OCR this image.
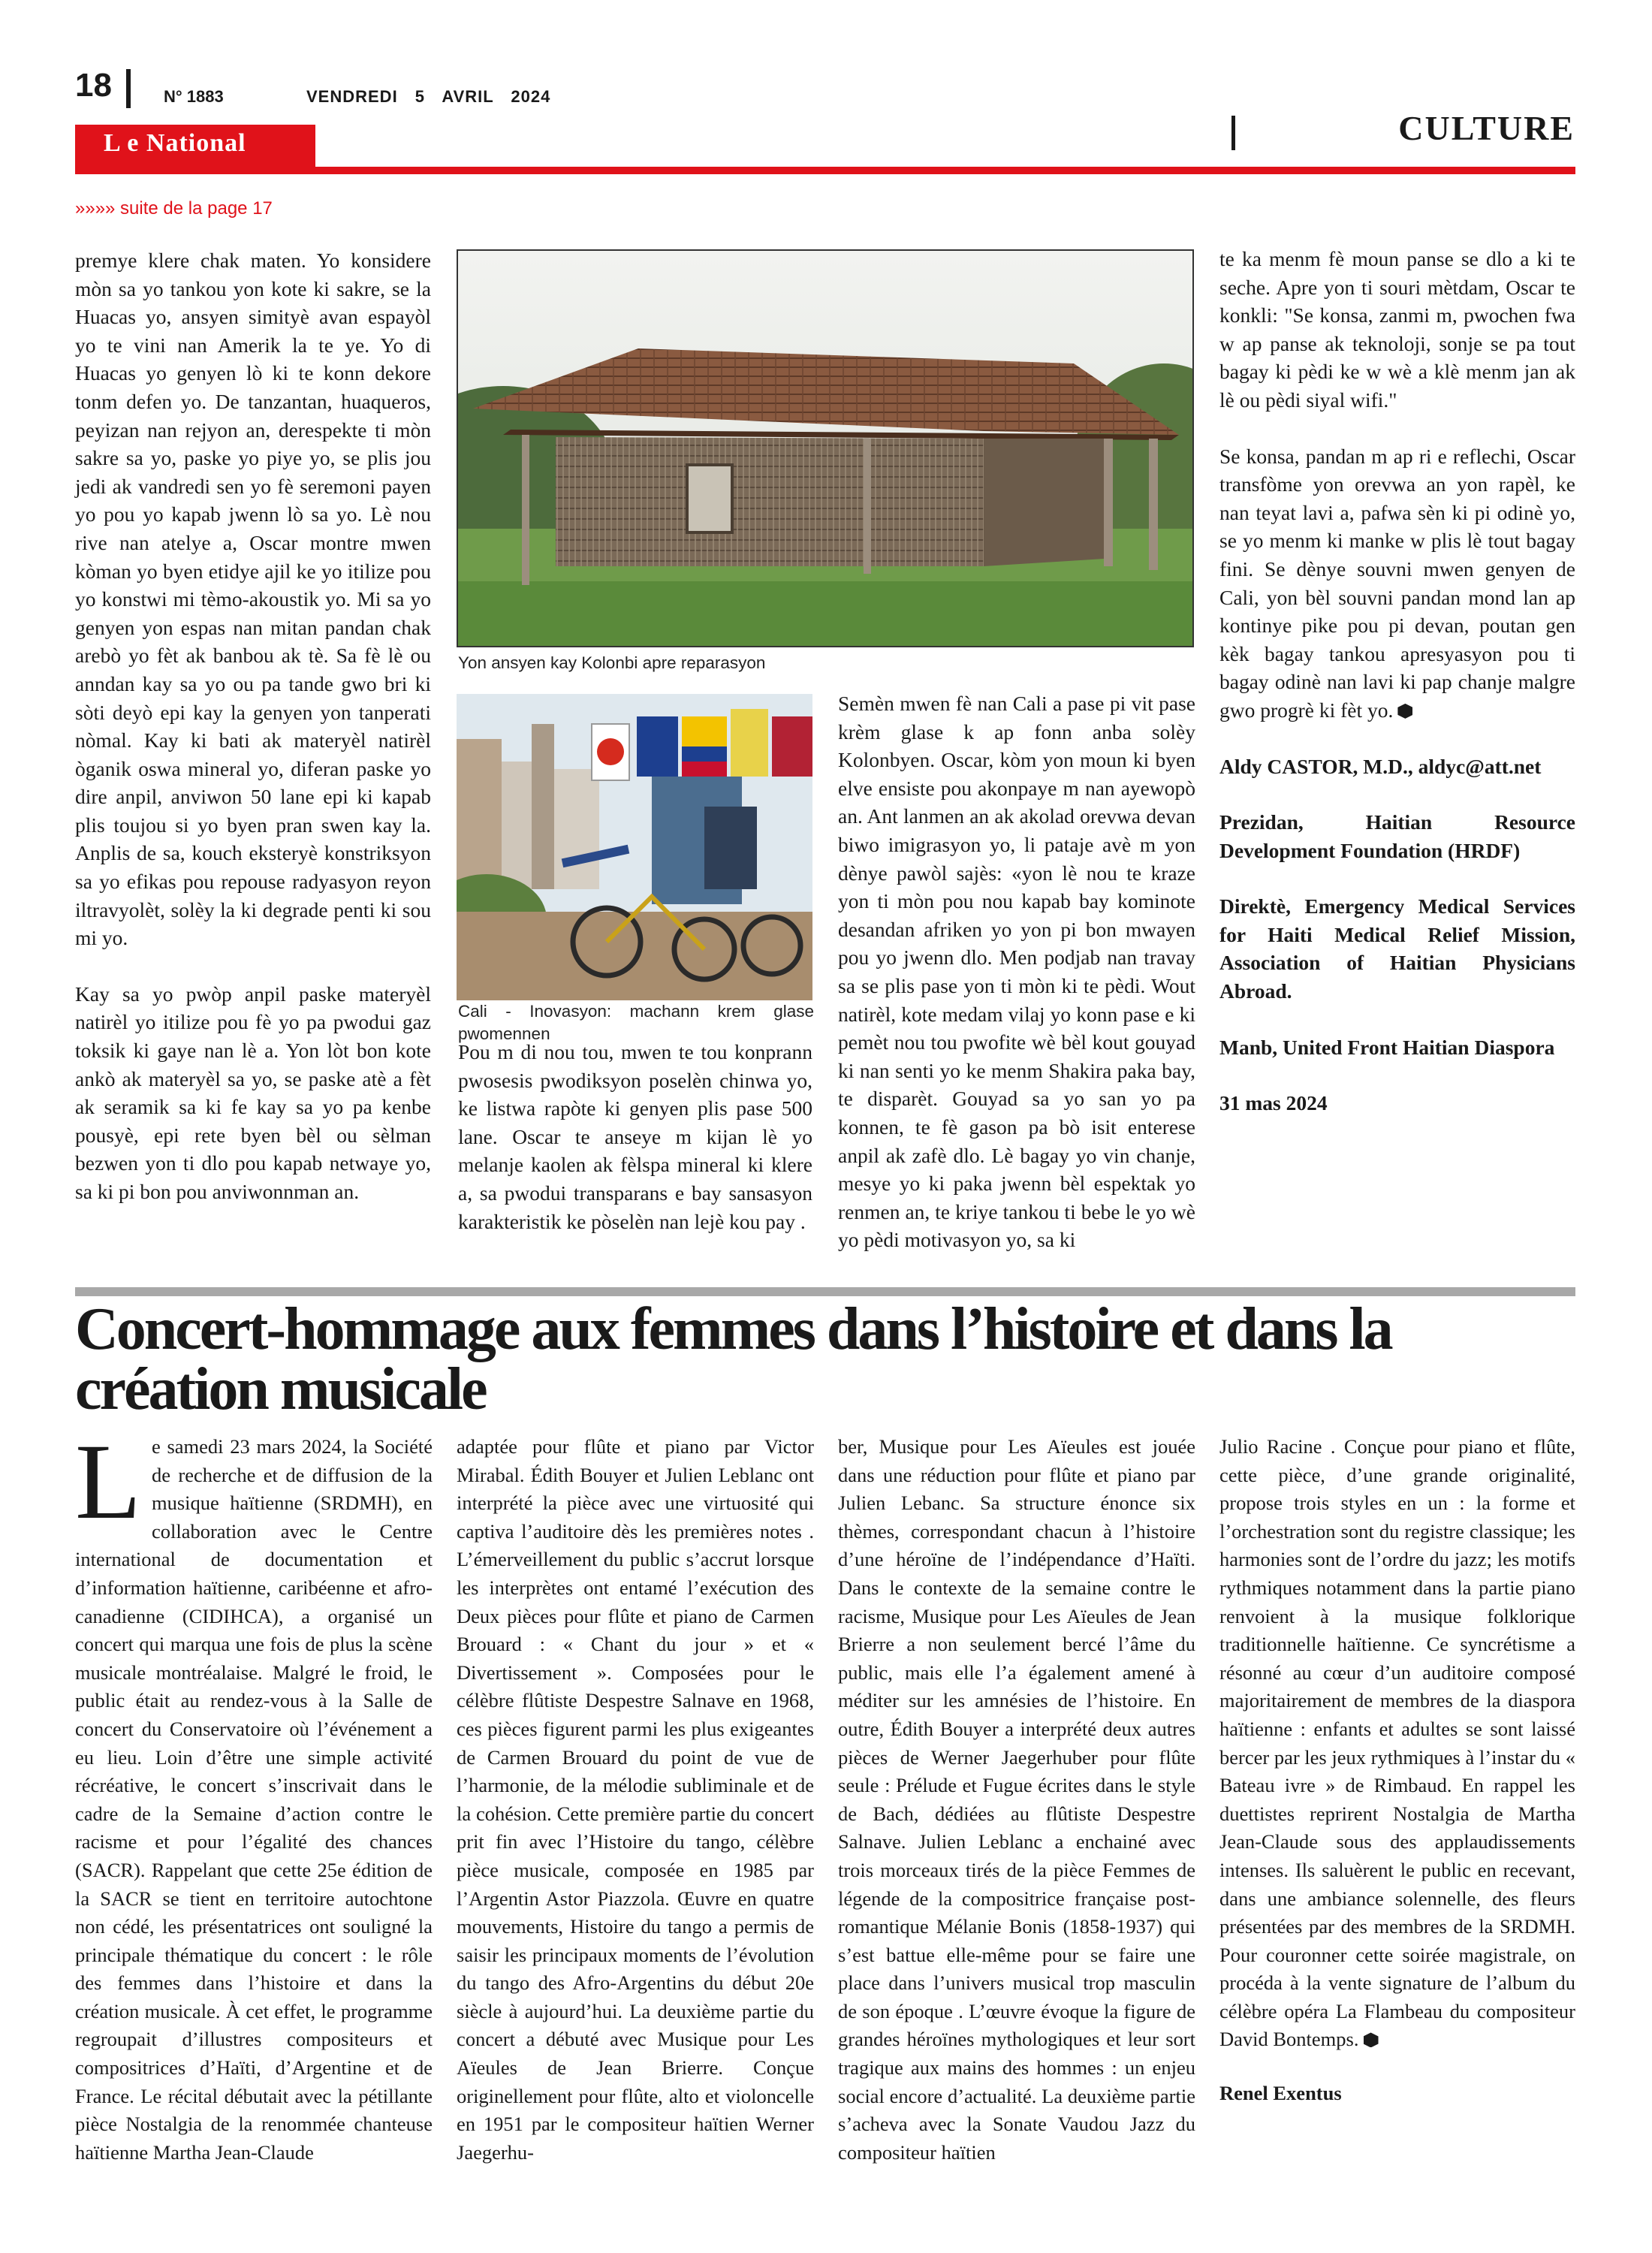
18	N° 1883	VENDREDI 5 AVRIL 2024
CULTURE
L e National
»»»» suite de la page 17

premye klere chak maten. Yo konsidere mòn sa yo tankou yon kote ki sakre, se la Huacas yo, ansyen simityè avan espayòl yo te vini nan Amerik la te ye. Yo di Huacas yo genyen lò ki te konn dekore tonm defen yo. De tanzantan, huaqueros, peyizan nan rejyon an, derespekte ti mòn sakre sa yo, paske yo piye yo, se plis jou jedi ak vandredi sen yo fè seremoni payen yo pou yo kapab jwenn lò sa yo. Lè nou rive nan atelye a, Oscar montre mwen kòman yo byen etidye ajil ke yo itilize pou yo konstwi mi tèmo-akoustik yo. Mi sa yo genyen yon espas nan mitan pandan chak arebò yo fèt ak banbou ak tè. Sa fè lè ou anndan kay sa yo ou pa tande gwo bri ki sòti deyò epi kay la genyen yon tanperati nòmal. Kay ki bati ak materyèl natirèl òganik oswa mineral yo, diferan paske yo dire anpil, anviwon 50 lane epi ki kapab plis toujou si yo byen pran swen kay la. Anplis de sa, kouch eksteryè konstriksyon sa yo efikas pou repouse radyasyon reyon iltravyolèt, solèy la ki degrade penti ki sou mi yo.

Kay sa yo pwòp anpil paske materyèl natirèl yo itilize pou fè yo pa pwodui gaz toksik ki gaye nan lè a. Yon lòt bon kote ankò ak materyèl sa yo, se paske atè a fèt ak seramik sa ki fe kay sa yo pa kenbe pousyè, epi rete byen bèl ou sèlman bezwen yon ti dlo pou kapab netwaye yo, sa ki pi bon pou anviwonnman an.

Yon ansyen kay Kolonbi apre reparasyon
Cali - Inovasyon: machann krem glase pwomennen

Pou m di nou tou, mwen te tou konprann pwosesis pwodiksyon poselèn chinwa yo, ke listwa rapòte ki genyen plis pase 500 lane. Oscar te anseye m kijan lè yo melanje kaolen ak fèlspa mineral ki klere a, sa pwodui transparans e bay sansasyon karakteristik ke pòselèn nan lejè kou pay .

Semèn mwen fè nan Cali a pase pi vit pase krèm glase k ap fonn anba solèy Kolonbyen. Oscar, kòm yon moun ki byen elve ensiste pou akonpaye m nan ayewopò an. Ant lanmen an ak akolad orevwa devan biwo imigrasyon yo, li pataje avè m yon dènye pawòl sajès: «yon lè nou te kraze yon ti mòn pou nou kapab bay kominote desandan afriken yo yon pi bon mwayen pou yo jwenn dlo. Men podjab nan travay sa se plis pase yon ti mòn ki te pèdi. Wout natirèl, kote medam vilaj yo konn pase e ki pemèt nou tou pwofite wè bèl kout gouyad ki nan senti yo ke menm Shakira paka bay, te disparèt. Gouyad sa yo san yo pa konnen, te fè gason pa bò isit enterese anpil ak zafè dlo. Lè bagay yo vin chanje, mesye yo ki paka jwenn bèl espektak yo renmen an, te kriye tankou ti bebe le yo wè yo pèdi motivasyon yo, sa ki

te ka menm fè moun panse se dlo a ki te seche. Apre yon ti souri mètdam, Oscar te konkli: "Se konsa, zanmi m, pwochen fwa w ap panse ak teknoloji, sonje se pa tout bagay ki pèdi ke w wè a klè menm jan ak lè ou pèdi siyal wifi."

Se konsa, pandan m ap ri e reflechi, Oscar transfòme yon orevwa an yon rapèl, ke nan teyat lavi a, pafwa sèn ki pi odinè yo, se yo menm ki manke w plis lè tout bagay fini. Se dènye souvni mwen genyen de Cali, yon bèl souvni pandan mond lan ap kontinye pike pou pi devan, poutan gen kèk bagay tankou apresyasyon pou ti bagay odinè nan lavi ki pap chanje malgre gwo progrè ki fèt yo.

Aldy CASTOR, M.D., aldyc@att.net

Prezidan, Haitian Resource Development Foundation (HRDF)

Direktè, Emergency Medical Services for Haiti Medical Relief Mission, Association of Haitian Physicians Abroad.

Manb, United Front Haitian Diaspora

31 mas 2024

Concert-hommage aux femmes dans l’histoire et dans la création musicale
L e samedi 23 mars 2024, la Société de recherche et de diffusion de la musique haïtienne (SRDMH), en collaboration avec le Centre international de documentation et d’information haïtienne, caribéenne et afro-canadienne (CIDIHCA), a organisé un concert qui marqua une fois de plus la scène musicale montréalaise. Malgré le froid, le public était au rendez-vous à la Salle de concert du Conservatoire où l’événement a eu lieu. Loin d’être une simple activité récréative, le concert s’inscrivait dans le cadre de la Semaine d’action contre le racisme et pour l’égalité des chances (SACR). Rappelant que cette 25e édition de la SACR se tient en territoire autochtone non cédé, les présentatrices ont souligné la principale thématique du concert : le rôle des femmes dans l’histoire et dans la création musicale. À cet effet, le programme regroupait d’illustres compositeurs et compositrices d’Haïti, d’Argentine et de France. Le récital débutait avec la pétillante pièce Nostalgia de la renommée chanteuse haïtienne Martha Jean-Claude
adaptée pour flûte et piano par Victor Mirabal. Édith Bouyer et Julien Leblanc ont interprété la pièce avec une virtuosité qui captiva l’auditoire dès les premières notes . L’émerveillement du public s’accrut lorsque les interprètes ont entamé l’exécution des Deux pièces pour flûte et piano de Carmen Brouard : « Chant du jour » et « Divertissement ». Composées pour le célèbre flûtiste Despestre Salnave en 1968, ces pièces figurent parmi les plus exigeantes de Carmen Brouard du point de vue de l’harmonie, de la mélodie subliminale et de la cohésion. Cette première partie du concert prit fin avec l’Histoire du tango, célèbre pièce musicale, composée en 1985 par l’Argentin Astor Piazzola. Œuvre en quatre mouvements, Histoire du tango a permis de saisir les principaux moments de l’évolution du tango des Afro-Argentins du début 20e siècle à aujourd’hui. La deuxième partie du concert a débuté avec Musique pour Les Aïeules de Jean Brierre. Conçue originellement pour flûte, alto et violoncelle en 1951 par le compositeur haïtien Werner Jaegerhu-
ber, Musique pour Les Aïeules est jouée dans une réduction pour flûte et piano par Julien Lebanc. Sa structure énonce six thèmes, correspondant chacun à l’histoire d’une héroïne de l’indépendance d’Haïti. Dans le contexte de la semaine contre le racisme, Musique pour Les Aïeules de Jean Brierre a non seulement bercé l’âme du public, mais elle l’a également amené à méditer sur les amnésies de l’histoire. En outre, Édith Bouyer a interprété deux autres pièces de Werner Jaegerhuber pour flûte seule : Prélude et Fugue écrites dans le style de Bach, dédiées au flûtiste Despestre Salnave. Julien Leblanc a enchainé avec trois morceaux tirés de la pièce Femmes de légende de la compositrice française post-romantique Mélanie Bonis (1858-1937) qui s’est battue elle-même pour se faire une place dans l’univers musical trop masculin de son époque . L’œuvre évoque la figure de grandes héroïnes mythologiques et leur sort tragique aux mains des hommes : un enjeu social encore d’actualité. La deuxième partie s’acheva avec la Sonate Vaudou Jazz du compositeur haïtien
Julio Racine . Conçue pour piano et flûte, cette pièce, d’une grande originalité, propose trois styles en un : la forme et l’orchestration sont du registre classique; les harmonies sont de l’ordre du jazz; les motifs rythmiques notamment dans la partie piano renvoient à la musique folklorique traditionnelle haïtienne. Ce syncrétisme a résonné au cœur d’un auditoire composé majoritairement de membres de la diaspora haïtienne : enfants et adultes se sont laissé bercer par les jeux rythmiques à l’instar du « Bateau ivre » de Rimbaud. En rappel les duettistes reprirent Nostalgia de Martha Jean-Claude sous des applaudissements intenses. Ils saluèrent le public en recevant, dans une ambiance solennelle, des fleurs présentées par des membres de la SRDMH. Pour couronner cette soirée magistrale, on procéda à la vente signature de l’album du célèbre opéra La Flambeau du compositeur David Bontemps.
Renel Exentus
